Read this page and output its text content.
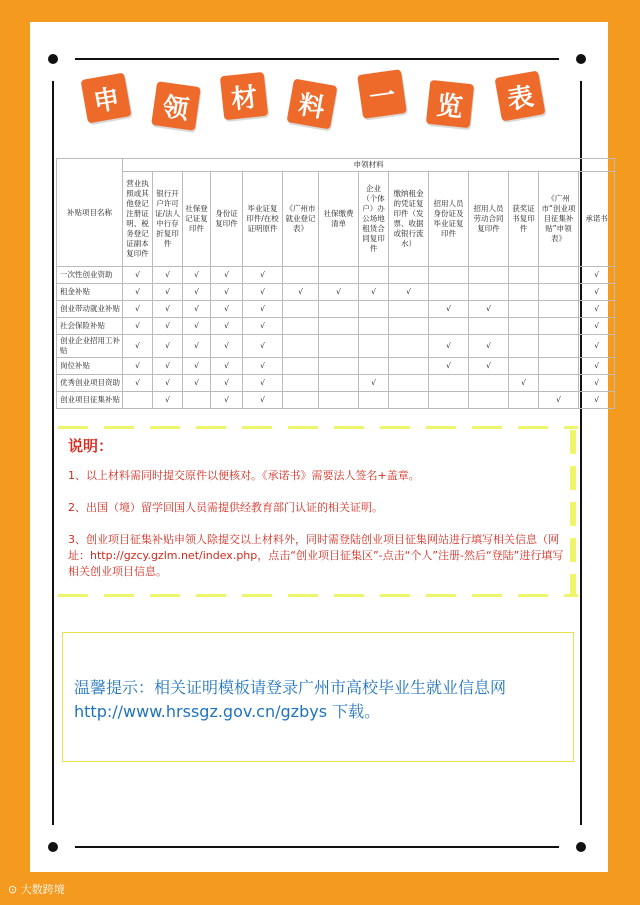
申	领	材	料	一	览	表
补贴项目名称	申领材料													
	营业执照或其他登记注册证明、税务登记证副本复印件	银行开户许可证/法人中行存折复印件	社保登记证复印件	身份证复印件	毕业证复印件/在校证明原件	《广州市就业登记表》	社保缴费清单	企业（个体户）办公场地租赁合同复印件	缴纳租金的凭证复印件（发票、收据或银行流水）	招用人员身份证及毕业证复印件	招用人员劳动合同复印件	获奖证书复印件	《广州市“创业项目征集补贴”申领表》	承诺书
一次性创业资助	√	√	√	√	√									√
租金补贴	√	√	√	√	√	√	√	√	√					√
创业带动就业补贴	√	√	√	√	√					√	√			√
社会保险补贴	√	√	√	√	√									√
创业企业招用工补贴	√	√	√	√	√					√	√			√
岗位补贴	√	√	√	√	√					√	√			√
优秀创业项目资助	√	√	√	√	√			√				√		√
创业项目征集补贴		√		√	√								√	√
说明：
1、以上材料需同时提交原件以便核对。《承诺书》需要法人签名+盖章。
2、出国（境）留学回国人员需提供经教育部门认证的相关证明。
3、创业项目征集补贴申领人除提交以上材料外，同时需登陆创业项目征集网站进行填写相关信息（网址：http://gzcy.gzlm.net/index.php，点击“创业项目征集区”-点击“个人”注册-然后“登陆”进行填写相关创业项目信息。
温馨提示：相关证明模板请登录广州市高校毕业生就业信息网http://www.hrssgz.gov.cn/gzbys 下载。
⊙ 大数跨境
